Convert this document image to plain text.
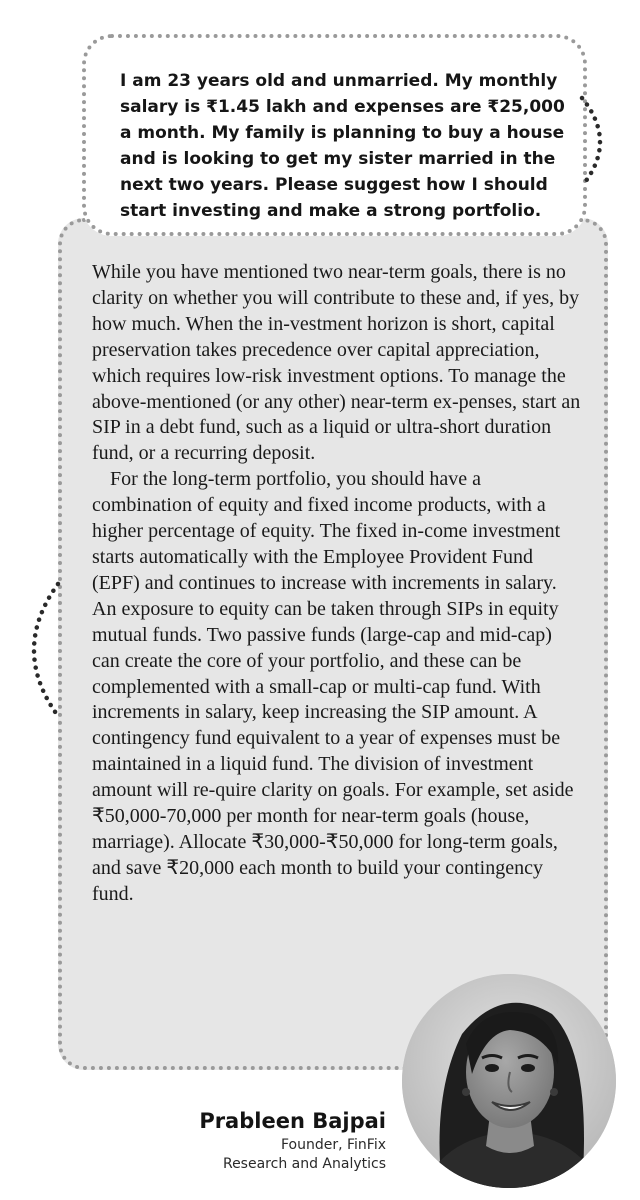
I am 23 years old and unmarried. My monthly salary is ₹1.45 lakh and expenses are ₹25,000 a month. My family is planning to buy a house and is looking to get my sister married in the next two years. Please suggest how I should start investing and make a strong portfolio.

While you have mentioned two near-term goals, there is no clarity on whether you will contribute to these and, if yes, by how much. When the in-vestment horizon is short, capital preservation takes precedence over capital appreciation, which requires low-risk investment options. To manage the above-mentioned (or any other) near-term ex-penses, start an SIP in a debt fund, such as a liquid or ultra-short duration fund, or a recurring deposit.

For the long-term portfolio, you should have a combination of equity and fixed income products, with a higher percentage of equity. The fixed in-come investment starts automatically with the Employee Provident Fund (EPF) and continues to increase with increments in salary. An exposure to equity can be taken through SIPs in equity mutual funds. Two passive funds (large-cap and mid-cap) can create the core of your portfolio, and these can be complemented with a small-cap or multi-cap fund. With increments in salary, keep increasing the SIP amount. A contingency fund equivalent to a year of expenses must be maintained in a liquid fund. The division of investment amount will re-quire clarity on goals. For example, set aside ₹50,000-70,000 per month for near-term goals (house, marriage). Allocate ₹30,000-₹50,000 for long-term goals, and save ₹20,000 each month to build your contingency fund.

Prableen Bajpai

Founder, FinFix
Research and Analytics
